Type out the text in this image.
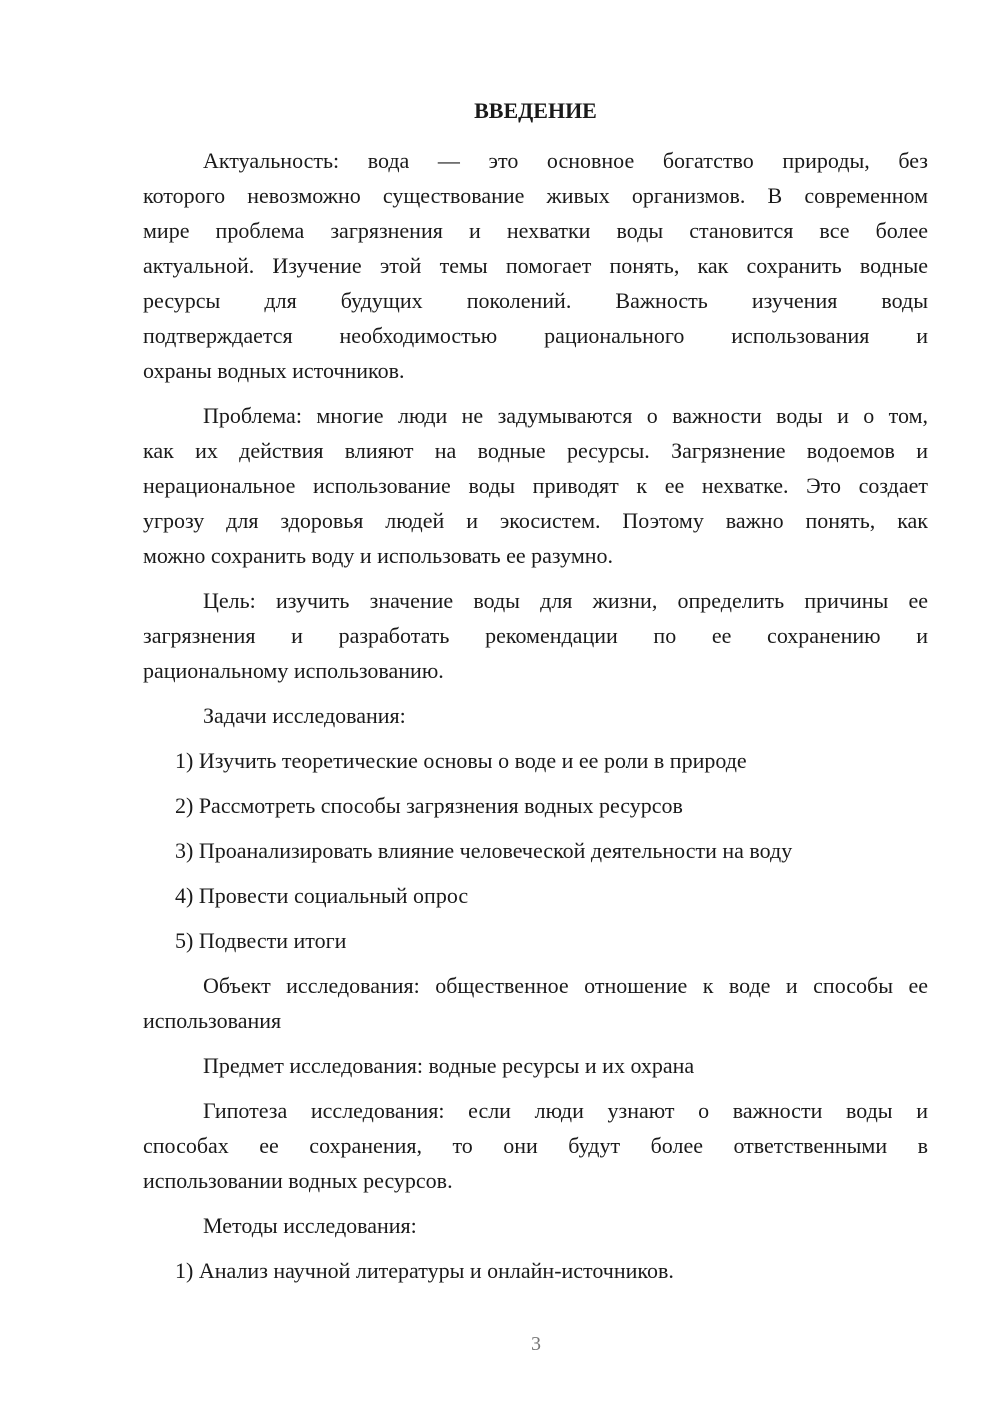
ВВЕДЕНИЕ
Актуальность: вода — это основное богатство природы, без
которого невозможно существование живых организмов. В современном
мире проблема загрязнения и нехватки воды становится все более
актуальной. Изучение этой темы помогает понять, как сохранить водные
ресурсы для будущих поколений. Важность изучения воды
подтверждается необходимостью рационального использования и
охраны водных источников.
Проблема: многие люди не задумываются о важности воды и о том,
как их действия влияют на водные ресурсы. Загрязнение водоемов и
нерациональное использование воды приводят к ее нехватке. Это создает
угрозу для здоровья людей и экосистем. Поэтому важно понять, как
можно сохранить воду и использовать ее разумно.
Цель: изучить значение воды для жизни, определить причины ее
загрязнения и разработать рекомендации по ее сохранению и
рациональному использованию.
Задачи исследования:
1) Изучить теоретические основы о воде и ее роли в природе
2) Рассмотреть способы загрязнения водных ресурсов
3) Проанализировать влияние человеческой деятельности на воду
4) Провести социальный опрос
5) Подвести итоги
Объект исследования: общественное отношение к воде и способы ее
использования
Предмет исследования: водные ресурсы и их охрана
Гипотеза исследования: если люди узнают о важности воды и
способах ее сохранения, то они будут более ответственными в
использовании водных ресурсов.
Методы исследования:
1) Анализ научной литературы и онлайн-источников.
3
